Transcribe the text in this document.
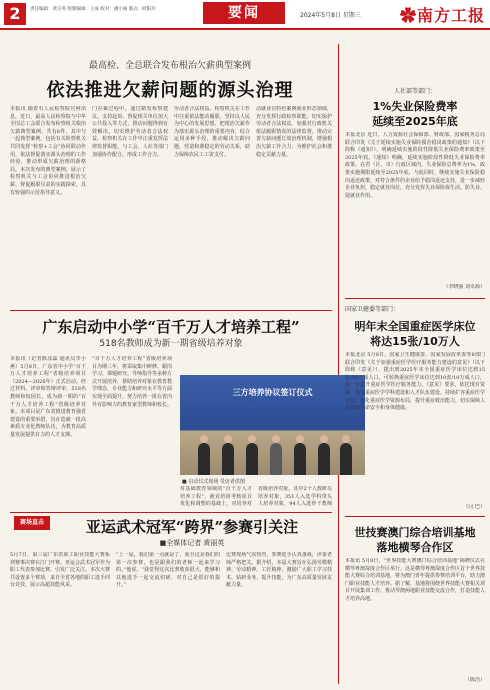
2	责任编辑：黄宗英 组版编辑：王成 校对：潘小丽 版式：欧阳玲	要闻	2024年5月8日 星期三 ✿南方工报
最高检、全总联合发布根治欠薪典型案例
依法推进欠薪问题的源头治理
本报讯 随着有人民检察院官网消息，近日，最高人民检察院与中华全国总工会联合发布检察机关根治欠薪典型案例，共有8件，其中与一起典型案例，包括有关检察机关共同发挥“检察+工会”协同联动作用，依法督促落实源头治理的工作经验，推动形成欠薪治理的新格局。本次发布的典型案例，展示了检察机关与工会协同推进根治欠薪、督促履职尽责的实践探索，具有较强的示范指导意义。
门办案过程中，通过制发检察建议、支持起诉、督促相关单位加大公共投入等方式，推动问题得到有效解决，切实维护劳动者合法权益。检察机关在工作中注重发挥法律监督职能，与工会、人社等部门加强协作配合，形成工作合力。
劳动者合法权益。检察机关在工作中注重依法能动履职，坚持以人民为中心的发展思想，把根治欠薪作为落实源头治理的重要内容，综合运用多种手段，推动解决欠薪问题，营造和谐稳定的劳动关系，助力保障农民工工资支付。
动就业有特色案例就业形态领域，充分发挥行政检察职能，切实保护劳动者合法权益。加强对行政机关依法履职情况的法律监督。推动完善欠薪问题长效治理机制，增强根治欠薪工作合力，为维护社会和谐稳定贡献力量。
人社部等部门：
1%失业保险费率
延续至2025年底
本报北京 近日，人力资源社会保障部、财政部、国家税务总局联合印发《关于延续实施失业保险援企稳岗政策的通知》（以下简称《通知》），明确延续实施阶段性降低失业保险费率政策至2025年底。《通知》明确，延续实施阶段性降低失业保险费率政策，在省（区、市）行政区域内，失业保险总费率为1%，政策实施期限延续至2025年底，与此同时，继续实施失业保险稳岗返还政策，对符合条件的企业给予稳岗返还支持，进一步减轻企业负担，稳定就业岗位，充分发挥失业保险保生活、防失业、促就业作用。
（李晓丽 刘卓源）
广东启动中小学“百千万人才培养工程”
518名教师成为新一期省级培养对象
本报讯（记者陈彦霖 通讯员李小燕）5月8日，广东省中小学“百千万人才培养工程”省级培养项目（2024—2026年）正式启动。经过材料、评审和答辩评审，518名教师和校园长，成为新一期的“百千万人才培养工程”省级培养对象。本项目是广东省推进教育强省建设的重要举措，旨在造就一批高素质专业化教师队伍，为教育高质量发展提供有力的人才支撑。
“百千万人才培养工程”省级培养项目为期三年，将采取集中研修、跟岗学习、课题研究、导师指导等多种方式开展培养，帮助培养对象在教育教学理念、专业能力和研究水平等方面实现全面提升，努力培养一批在省内外有影响力的教育家型教师和校长。
对基础教育领域的“百千万人才培养工程”，就业培训考核项目优化和调整的基础上，对培养对
省级培养对象。其中2个人教研员培养对象，351人入选学科带头人培养对象，94人入选骨干教师
三方培养协议签订仪式
■ 启动仪式现场 受访者供图
国家卫健委等部门：
明年末全国重症医学床位
将达15张/10万人
本报北京 5月8日，国家卫生健康委、国家发展改革委等8部门联合印发《关于加强重症医学医疗服务能力建设的意见》（以下简称《意见》），提出到2025年末全国重症医学床位达到15张/10万成人口，可转换重症医学床位达到10张/10万成人口，进一步提升重症医学医疗服务能力。《意见》要求，依托现有资源，加强重症医学学科建设和人才队伍建设，持续扩容重症医学床位，优化重症医学资源布局，提升重症救治能力，切实保障人民群众生命安全和身体健康。
（闫 巴）
世技赛澳门综合培训基地
落地横琴合作区
本报讯 5月8日，“世界技能大赛澳门综合培训基地”揭牌仪式在横琴粤澳深度合作区举行。这是横琴粤澳深度合作区首个世界技能大赛综合培训基地，将为澳门青年提供参赛培训平台，助力澳门职业技能人才培养。据了解，基地将围绕世界技能大赛相关项目开展集训工作，推动琴澳两地职业技能交流合作，打造技能人才培养高地。
（陈浩）
赛场直击	亚运武术冠军“跨界”参赛引关注
■全媒体记者 黄丽英
5月7日，第三届广东省职工职业技能大赛系列赛事决赛在江门开赛。亚运会武术冠军作为职工代表参加比赛，引发广泛关注。本次大赛共设置多个赛项，来自全省各地的职工选手同台竞技，展示高超技能风采。
“上一届，我们第一点就是了，而且这是我们的第一次参赛，也是跟我们的老师一起来学习的。”他说，“我觉得这次比赛收获很大，能够和其他选手一起交流切磋，对自己是很好的提升。”
比赛现场气氛热烈，参赛选手认真备战，评委老师严格把关。据介绍，本届大赛旨在弘扬劳模精神、劳动精神、工匠精神，激励广大职工学习技术、钻研业务、提升技能，为广东高质量发展贡献力量。
